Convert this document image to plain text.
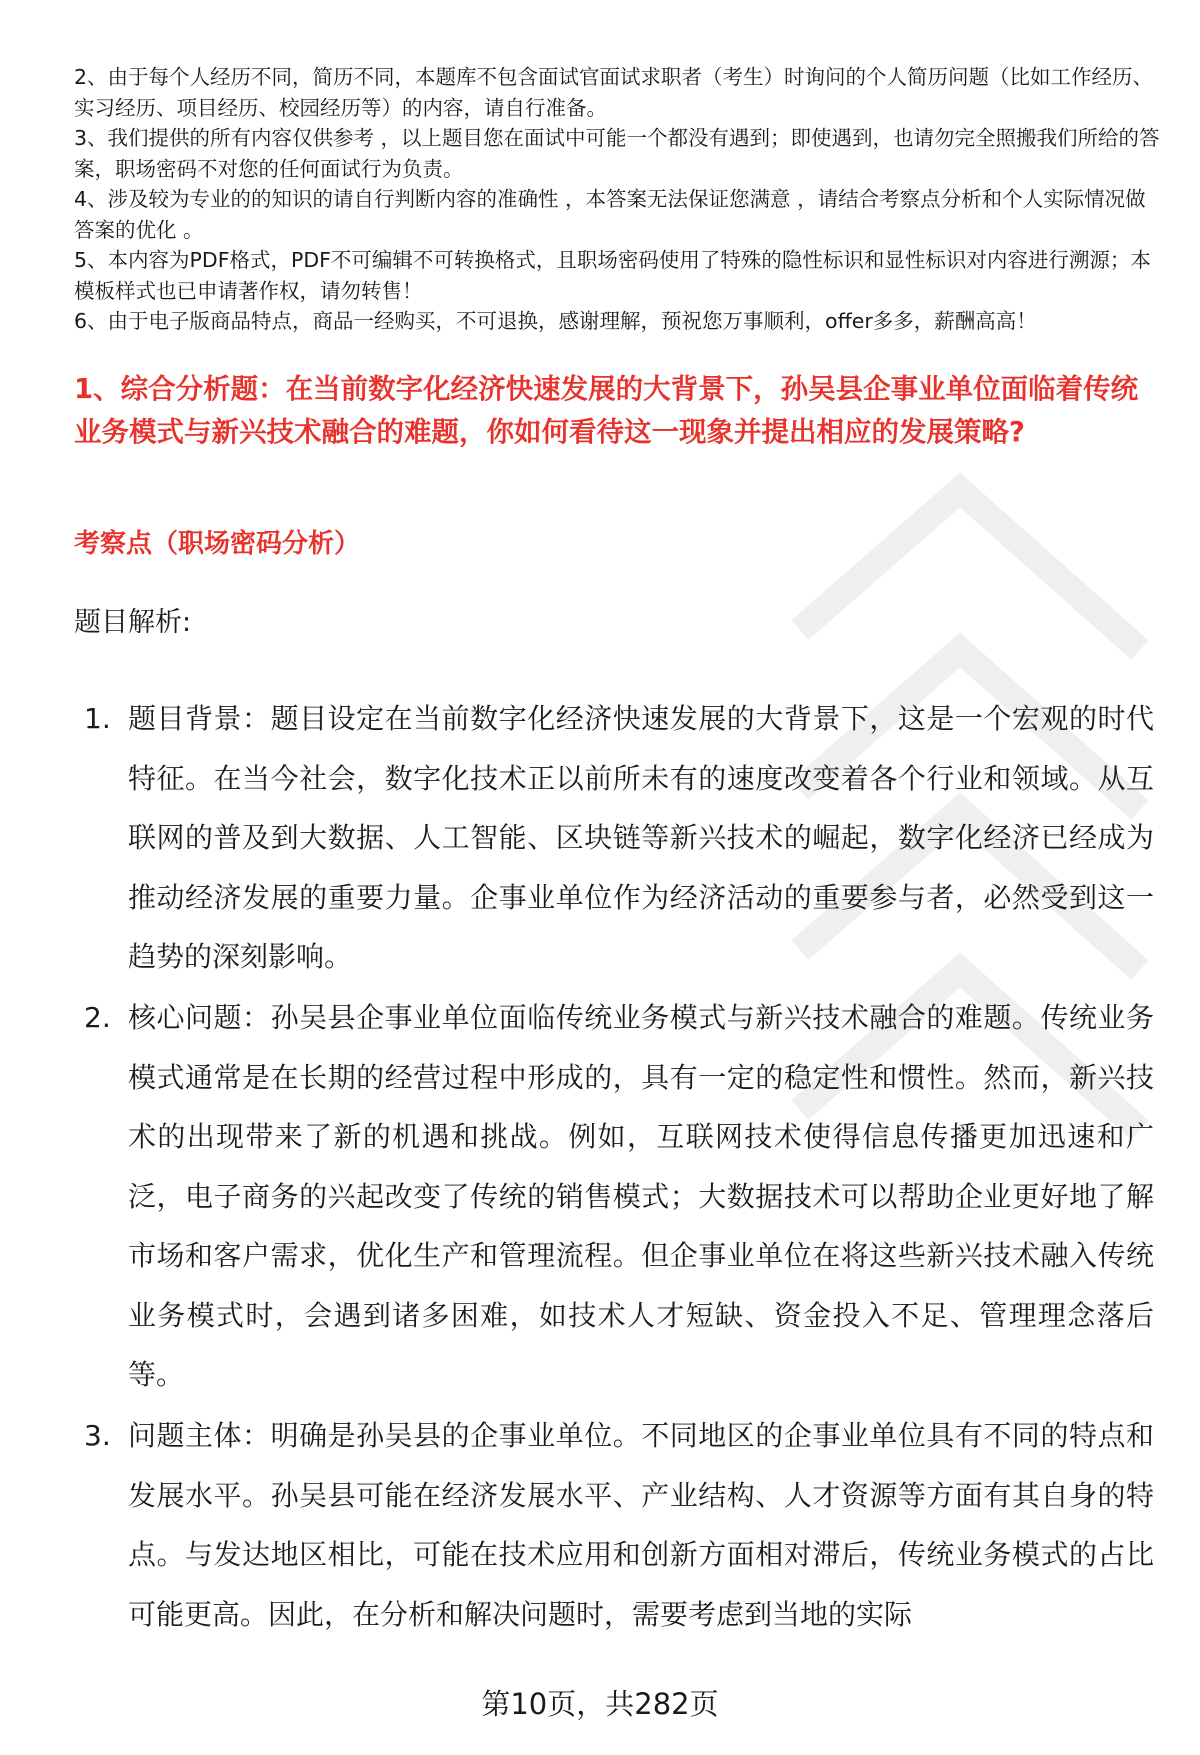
2、由于每个人经历不同，简历不同，本题库不包含面试官面试求职者（考生）时询问的个人简历问题（比如工作经历、实习经历、项目经历、校园经历等）的内容，请自行准备。

3、我们提供的所有内容仅供参考 ，以上题目您在面试中可能一个都没有遇到；即使遇到，也请勿完全照搬我们所给的答案，职场密码不对您的任何面试行为负责。

4、涉及较为专业的的知识的请自行判断内容的准确性 ，本答案无法保证您满意 ，请结合考察点分析和个人实际情况做答案的优化 。

5、本内容为PDF格式，PDF不可编辑不可转换格式，且职场密码使用了特殊的隐性标识和显性标识对内容进行溯源；本模板样式也已申请著作权，请勿转售！

6、由于电子版商品特点，商品一经购买，不可退换，感谢理解，预祝您万事顺利，offer多多，薪酬高高！

1、综合分析题：在当前数字化经济快速发展的大背景下，孙吴县企事业单位面临着传统业务模式与新兴技术融合的难题，你如何看待这一现象并提出相应的发展策略?

考察点（职场密码分析）

题目解析:

1. 题目背景：题目设定在当前数字化经济快速发展的大背景下，这是一个宏观的时代特征。在当今社会，数字化技术正以前所未有的速度改变着各个行业和领域。从互联网的普及到大数据、人工智能、区块链等新兴技术的崛起，数字化经济已经成为推动经济发展的重要力量。企事业单位作为经济活动的重要参与者，必然受到这一趋势的深刻影响。
2. 核心问题：孙吴县企事业单位面临传统业务模式与新兴技术融合的难题。传统业务模式通常是在长期的经营过程中形成的，具有一定的稳定性和惯性。然而，新兴技术的出现带来了新的机遇和挑战。例如，互联网技术使得信息传播更加迅速和广泛，电子商务的兴起改变了传统的销售模式；大数据技术可以帮助企业更好地了解市场和客户需求，优化生产和管理流程。但企事业单位在将这些新兴技术融入传统业务模式时，会遇到诸多困难，如技术人才短缺、资金投入不足、管理理念落后等。
3. 问题主体：明确是孙吴县的企事业单位。不同地区的企事业单位具有不同的特点和发展水平。孙吴县可能在经济发展水平、产业结构、人才资源等方面有其自身的特点。与发达地区相比，可能在技术应用和创新方面相对滞后，传统业务模式的占比可能更高。因此，在分析和解决问题时，需要考虑到当地的实际
第10页，共282页
